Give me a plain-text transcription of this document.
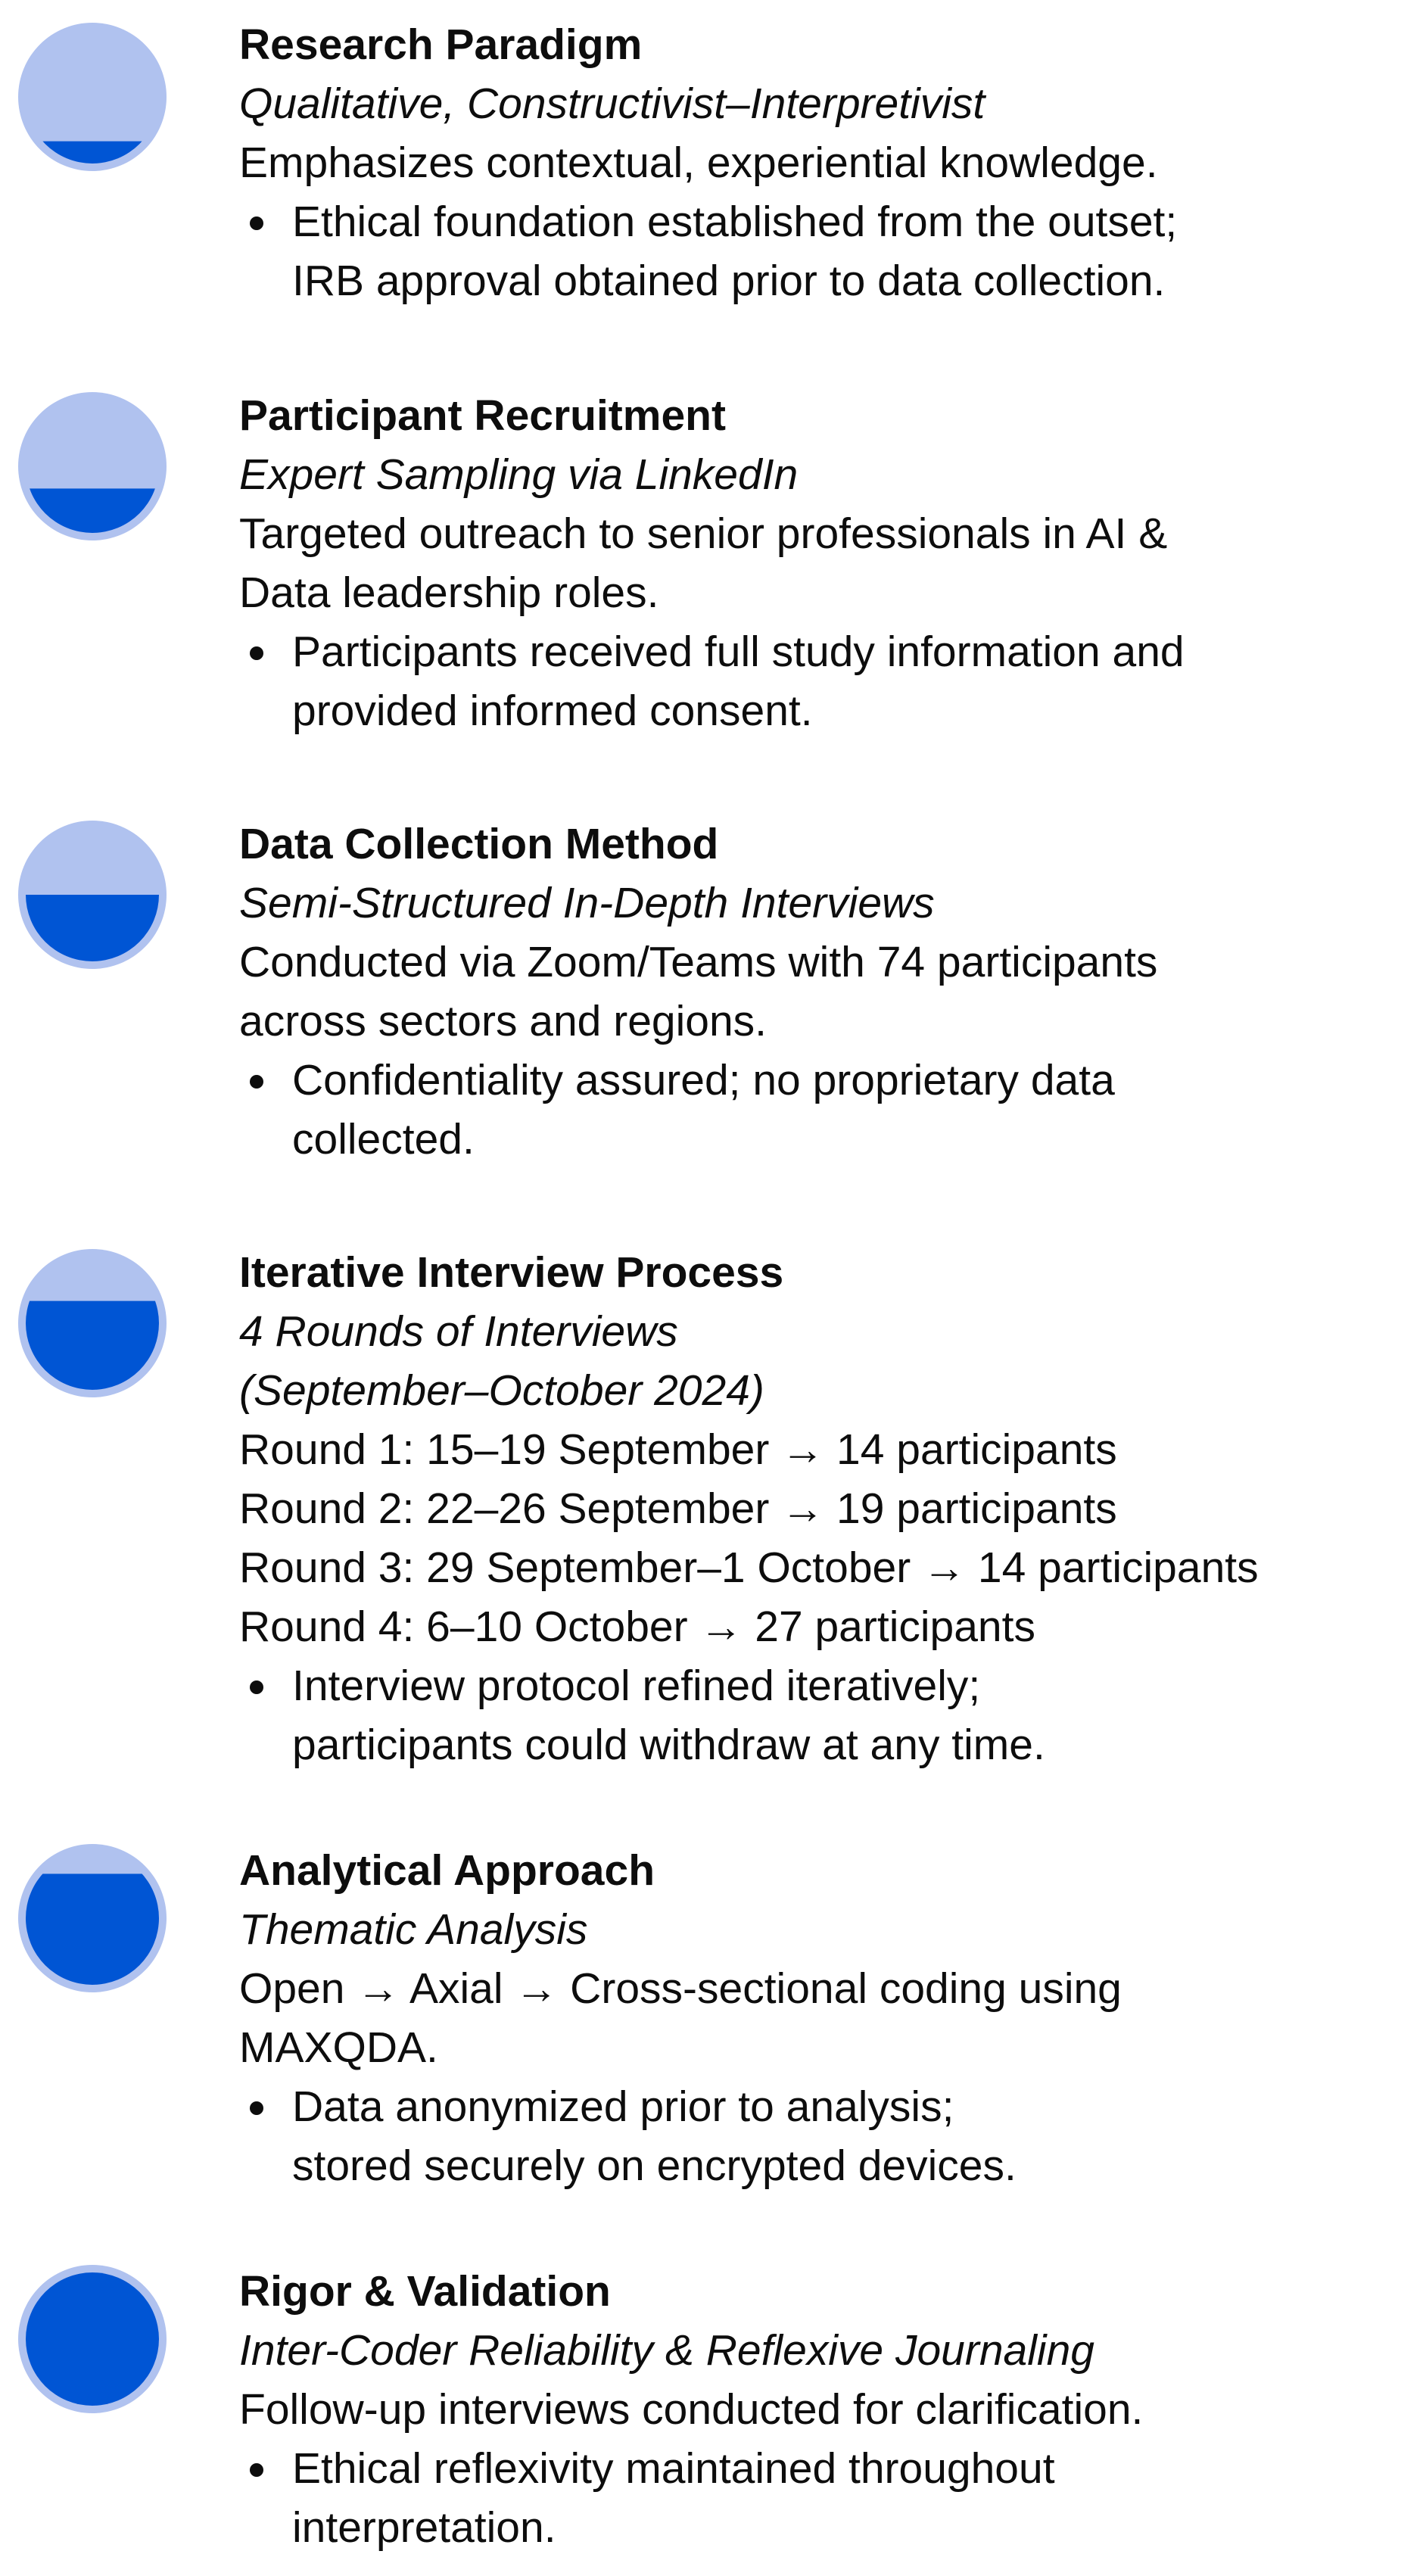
Research Paradigm
Qualitative, Constructivist–Interpretivist
Emphasizes contextual, experiential knowledge.
Ethical foundation established from the outset;
IRB approval obtained prior to data collection.
Participant Recruitment
Expert Sampling via LinkedIn
Targeted outreach to senior professionals in AI &
Data leadership roles.
Participants received full study information and
provided informed consent.
Data Collection Method
Semi-Structured In-Depth Interviews
Conducted via Zoom/Teams with 74 participants
across sectors and regions.
Confidentiality assured; no proprietary data
collected.
Iterative Interview Process
4 Rounds of Interviews
(September–October 2024)
Round 1: 15–19 September → 14 participants
Round 2: 22–26 September → 19 participants
Round 3: 29 September–1 October → 14 participants
Round 4: 6–10 October → 27 participants
Interview protocol refined iteratively;
participants could withdraw at any time.
Analytical Approach
Thematic Analysis
Open → Axial → Cross-sectional coding using
MAXQDA.
Data anonymized prior to analysis;
stored securely on encrypted devices.
Rigor & Validation
Inter-Coder Reliability & Reflexive Journaling
Follow-up interviews conducted for clarification.
Ethical reflexivity maintained throughout
interpretation.
